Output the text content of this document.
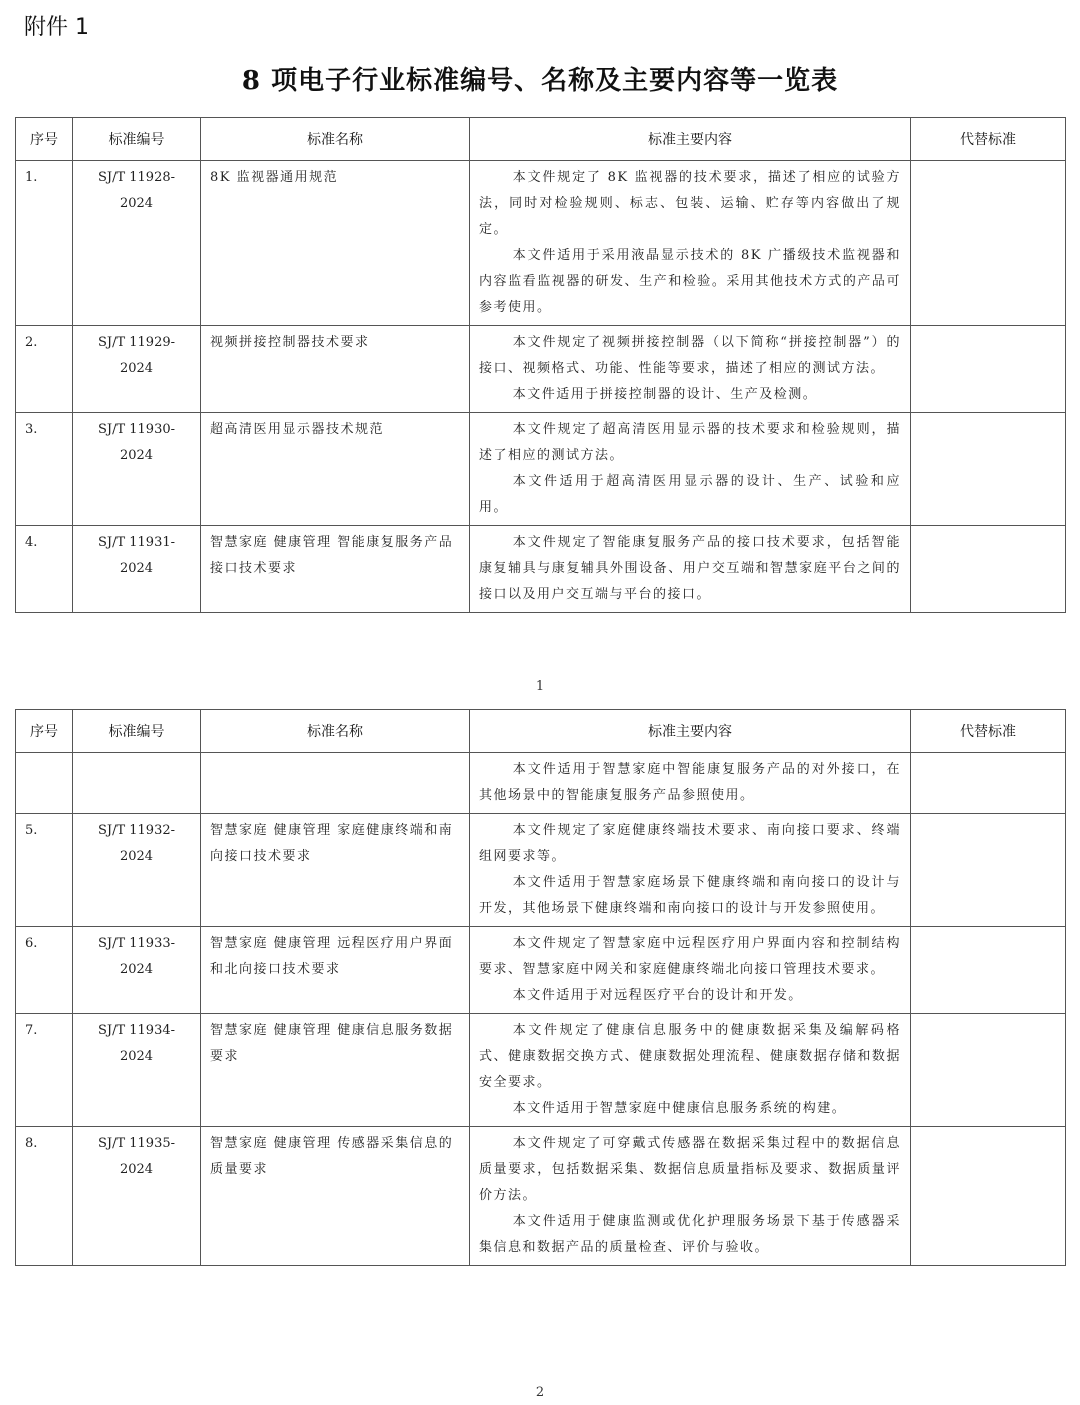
附件 1
8 项电子行业标准编号、名称及主要内容等一览表
序号	标准编号	标准名称	标准主要内容	代替标准
1.	SJ/T 11928-2024	8K 监视器通用规范	本文件规定了 8K 监视器的技术要求，描述了相应的试验方法，同时对检验规则、标志、包装、运输、贮存等内容做出了规定。

本文件适用于采用液晶显示技术的 8K 广播级技术监视器和内容监看监视器的研发、生产和检验。采用其他技术方式的产品可参考使用。	

2.	SJ/T 11929-2024	视频拼接控制器技术要求	本文件规定了视频拼接控制器（以下简称“拼接控制器”）的接口、视频格式、功能、性能等要求，描述了相应的测试方法。

本文件适用于拼接控制器的设计、生产及检测。	

3.	SJ/T 11930-2024	超高清医用显示器技术规范	本文件规定了超高清医用显示器的技术要求和检验规则，描述了相应的测试方法。

本文件适用于超高清医用显示器的设计、生产、试验和应用。	

4.	SJ/T 11931-2024	智慧家庭 健康管理 智能康复服务产品接口技术要求	本文件规定了智能康复服务产品的接口技术要求，包括智能康复辅具与康复辅具外围设备、用户交互端和智慧家庭平台之间的接口以及用户交互端与平台的接口。	

1
序号	标准编号	标准名称	标准主要内容	代替标准

			本文件适用于智慧家庭中智能康复服务产品的对外接口，在其他场景中的智能康复服务产品参照使用。	

5.	SJ/T 11932-2024	智慧家庭 健康管理 家庭健康终端和南向接口技术要求	本文件规定了家庭健康终端技术要求、南向接口要求、终端组网要求等。

本文件适用于智慧家庭场景下健康终端和南向接口的设计与开发，其他场景下健康终端和南向接口的设计与开发参照使用。	

6.	SJ/T 11933-2024	智慧家庭 健康管理 远程医疗用户界面和北向接口技术要求	本文件规定了智慧家庭中远程医疗用户界面内容和控制结构要求、智慧家庭中网关和家庭健康终端北向接口管理技术要求。

本文件适用于对远程医疗平台的设计和开发。	

7.	SJ/T 11934-2024	智慧家庭 健康管理 健康信息服务数据要求	本文件规定了健康信息服务中的健康数据采集及编解码格式、健康数据交换方式、健康数据处理流程、健康数据存储和数据安全要求。

本文件适用于智慧家庭中健康信息服务系统的构建。	

8.	SJ/T 11935-2024	智慧家庭 健康管理 传感器采集信息的质量要求	本文件规定了可穿戴式传感器在数据采集过程中的数据信息质量要求，包括数据采集、数据信息质量指标及要求、数据质量评价方法。

本文件适用于健康监测或优化护理服务场景下基于传感器采集信息和数据产品的质量检查、评价与验收。	

2
